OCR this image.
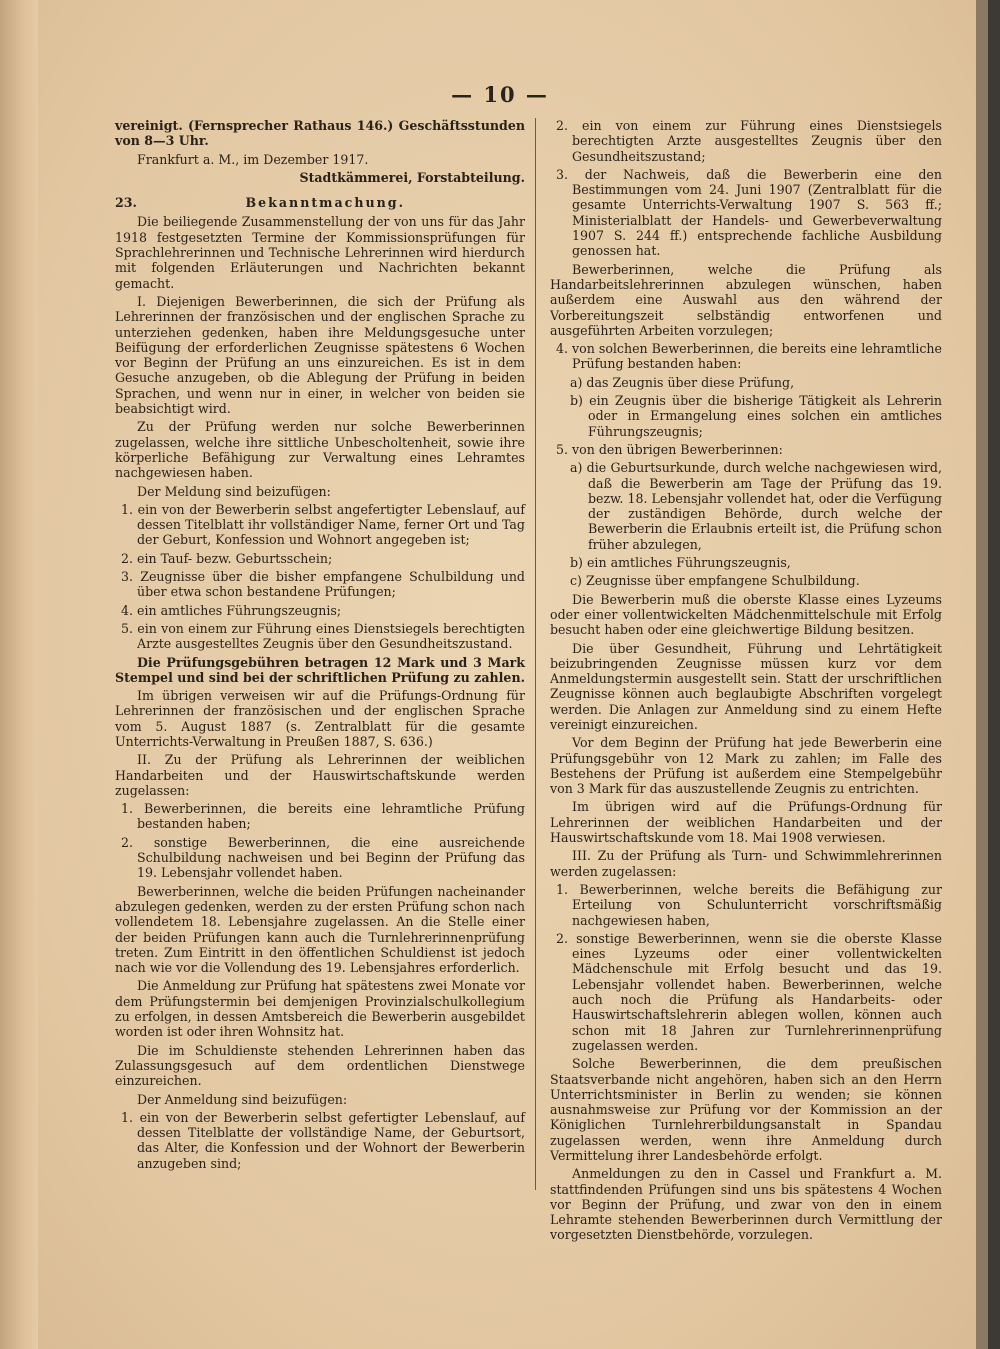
— 10 —

vereinigt. (Fernsprecher Rathaus 146.) Geschäftsstunden von 8—3 Uhr.

Frankfurt a. M., im Dezember 1917.

Stadtkämmerei, Forstabteilung.

23.	Bekanntmachung.

Die beiliegende Zusammenstellung der von uns für das Jahr 1918 festgesetzten Termine der Kommissionsprüfungen für Sprachlehrerinnen und Technische Lehrerinnen wird hierdurch mit folgenden Erläuterungen und Nachrichten bekannt gemacht.

I. Diejenigen Bewerberinnen, die sich der Prüfung als Lehrerinnen der französischen und der englischen Sprache zu unterziehen gedenken, haben ihre Meldungsgesuche unter Beifügung der erforderlichen Zeugnisse spätestens 6 Wochen vor Beginn der Prüfung an uns einzureichen. Es ist in dem Gesuche anzugeben, ob die Ablegung der Prüfung in beiden Sprachen, und wenn nur in einer, in welcher von beiden sie beabsichtigt wird.

Zu der Prüfung werden nur solche Bewerberinnen zugelassen, welche ihre sittliche Unbescholtenheit, sowie ihre körperliche Befähigung zur Verwaltung eines Lehramtes nachgewiesen haben.

Der Meldung sind beizufügen:

1. ein von der Bewerberin selbst angefertigter Lebenslauf, auf dessen Titelblatt ihr vollständiger Name, ferner Ort und Tag der Geburt, Konfession und Wohnort angegeben ist;

2. ein Tauf- bezw. Geburtsschein;

3. Zeugnisse über die bisher empfangene Schulbildung und über etwa schon bestandene Prüfungen;

4. ein amtliches Führungszeugnis;

5. ein von einem zur Führung eines Dienstsiegels berechtigten Arzte ausgestelltes Zeugnis über den Gesundheitszustand.

Die Prüfungsgebühren betragen 12 Mark und 3 Mark Stempel und sind bei der schriftlichen Prüfung zu zahlen.

Im übrigen verweisen wir auf die Prüfungs-Ordnung für Lehrerinnen der französischen und der englischen Sprache vom 5. August 1887 (s. Zentralblatt für die gesamte Unterrichts-Verwaltung in Preußen 1887, S. 636.)

II. Zu der Prüfung als Lehrerinnen der weiblichen Handarbeiten und der Hauswirtschaftskunde werden zugelassen:

1. Bewerberinnen, die bereits eine lehramtliche Prüfung bestanden haben;

2. sonstige Bewerberinnen, die eine ausreichende Schulbildung nachweisen und bei Beginn der Prüfung das 19. Lebensjahr vollendet haben.

Bewerberinnen, welche die beiden Prüfungen nacheinander abzulegen gedenken, werden zu der ersten Prüfung schon nach vollendetem 18. Lebensjahre zugelassen. An die Stelle einer der beiden Prüfungen kann auch die Turnlehrerinnenprüfung treten. Zum Eintritt in den öffentlichen Schuldienst ist jedoch nach wie vor die Vollendung des 19. Lebensjahres erforderlich.

Die Anmeldung zur Prüfung hat spätestens zwei Monate vor dem Prüfungstermin bei demjenigen Provinzialschulkollegium zu erfolgen, in dessen Amtsbereich die Bewerberin ausgebildet worden ist oder ihren Wohnsitz hat.

Die im Schuldienste stehenden Lehrerinnen haben das Zulassungsgesuch auf dem ordentlichen Dienstwege einzureichen.

Der Anmeldung sind beizufügen:

1. ein von der Bewerberin selbst gefertigter Lebenslauf, auf dessen Titelblatte der vollständige Name, der Geburtsort, das Alter, die Konfession und der Wohnort der Bewerberin anzugeben sind;

2. ein von einem zur Führung eines Dienstsiegels berechtigten Arzte ausgestelltes Zeugnis über den Gesundheitszustand;

3. der Nachweis, daß die Bewerberin eine den Bestimmungen vom 24. Juni 1907 (Zentralblatt für die gesamte Unterrichts-Verwaltung 1907 S. 563 ff.; Ministerialblatt der Handels- und Gewerbeverwaltung 1907 S. 244 ff.) entsprechende fachliche Ausbildung genossen hat.

Bewerberinnen, welche die Prüfung als Handarbeitslehrerinnen abzulegen wünschen, haben außerdem eine Auswahl aus den während der Vorbereitungszeit selbständig entworfenen und ausgeführten Arbeiten vorzulegen;

4. von solchen Bewerberinnen, die bereits eine lehramtliche Prüfung bestanden haben:

a) das Zeugnis über diese Prüfung,

b) ein Zeugnis über die bisherige Tätigkeit als Lehrerin oder in Ermangelung eines solchen ein amtliches Führungszeugnis;

5. von den übrigen Bewerberinnen:

a) die Geburtsurkunde, durch welche nachgewiesen wird, daß die Bewerberin am Tage der Prüfung das 19. bezw. 18. Lebensjahr vollendet hat, oder die Verfügung der zuständigen Behörde, durch welche der Bewerberin die Erlaubnis erteilt ist, die Prüfung schon früher abzulegen,

b) ein amtliches Führungszeugnis,

c) Zeugnisse über empfangene Schulbildung.

Die Bewerberin muß die oberste Klasse eines Lyzeums oder einer vollentwickelten Mädchenmittelschule mit Erfolg besucht haben oder eine gleichwertige Bildung besitzen.

Die über Gesundheit, Führung und Lehrtätigkeit beizubringenden Zeugnisse müssen kurz vor dem Anmeldungstermin ausgestellt sein. Statt der urschriftlichen Zeugnisse können auch beglaubigte Abschriften vorgelegt werden. Die Anlagen zur Anmeldung sind zu einem Hefte vereinigt einzureichen.

Vor dem Beginn der Prüfung hat jede Bewerberin eine Prüfungsgebühr von 12 Mark zu zahlen; im Falle des Bestehens der Prüfung ist außerdem eine Stempelgebühr von 3 Mark für das auszustellende Zeugnis zu entrichten.

Im übrigen wird auf die Prüfungs-Ordnung für Lehrerinnen der weiblichen Handarbeiten und der Hauswirtschaftskunde vom 18. Mai 1908 verwiesen.

III. Zu der Prüfung als Turn- und Schwimmlehrerinnen werden zugelassen:

1. Bewerberinnen, welche bereits die Befähigung zur Erteilung von Schulunterricht vorschriftsmäßig nachgewiesen haben,

2. sonstige Bewerberinnen, wenn sie die oberste Klasse eines Lyzeums oder einer vollentwickelten Mädchenschule mit Erfolg besucht und das 19. Lebensjahr vollendet haben. Bewerberinnen, welche auch noch die Prüfung als Handarbeits- oder Hauswirtschaftslehrerin ablegen wollen, können auch schon mit 18 Jahren zur Turnlehrerinnenprüfung zugelassen werden.

Solche Bewerberinnen, die dem preußischen Staatsverbande nicht angehören, haben sich an den Herrn Unterrichtsminister in Berlin zu wenden; sie können ausnahmsweise zur Prüfung vor der Kommission an der Königlichen Turnlehrerbildungsanstalt in Spandau zugelassen werden, wenn ihre Anmeldung durch Vermittelung ihrer Landesbehörde erfolgt.

Anmeldungen zu den in Cassel und Frankfurt a. M. stattfindenden Prüfungen sind uns bis spätestens 4 Wochen vor Beginn der Prüfung, und zwar von den in einem Lehramte stehenden Bewerberinnen durch Vermittlung der vorgesetzten Dienstbehörde, vorzulegen.
